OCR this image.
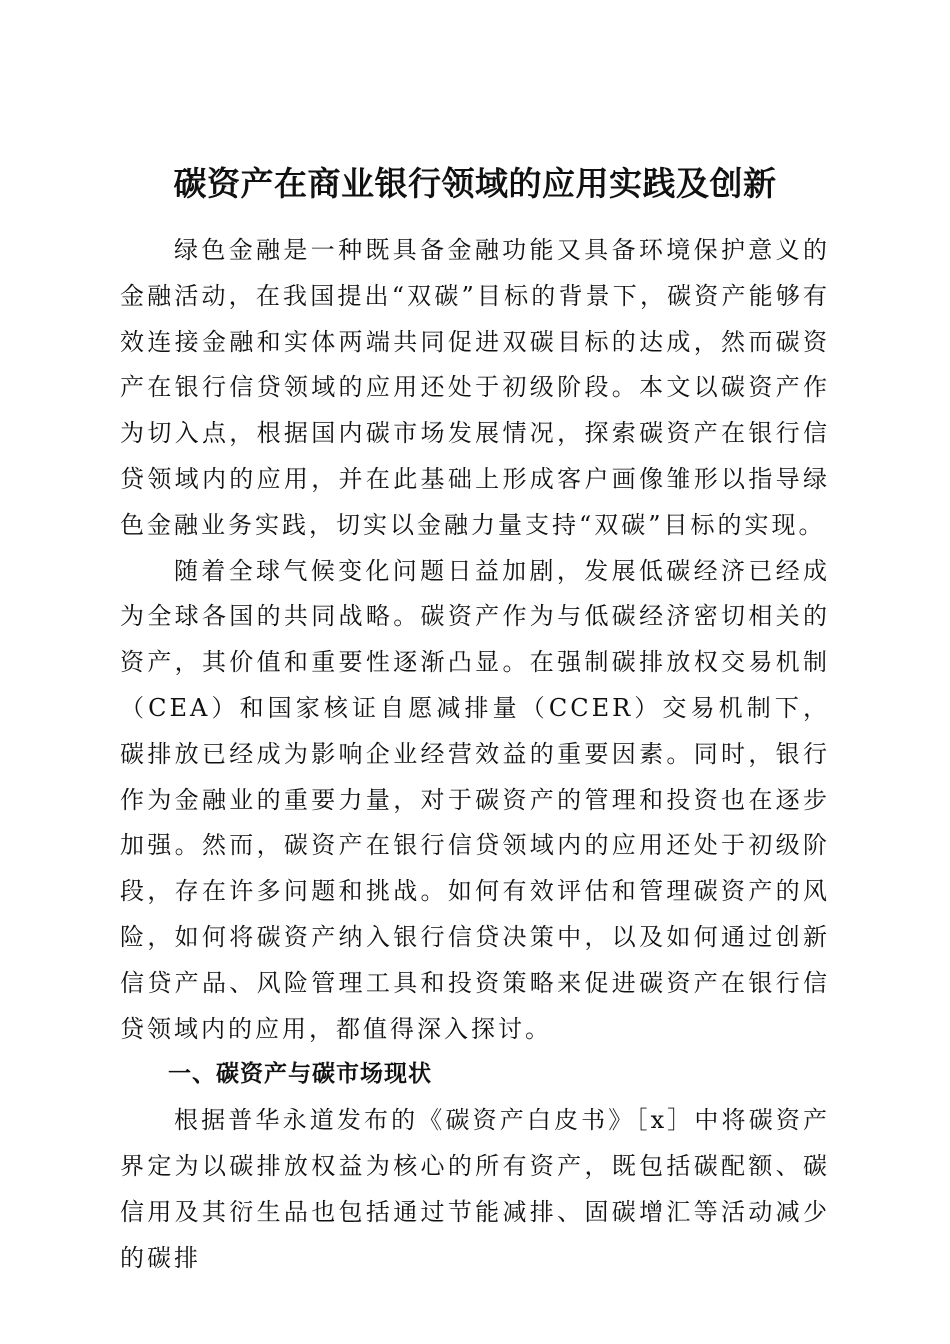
碳资产在商业银行领域的应用实践及创新

绿色金融是一种既具备金融功能又具备环境保护意义的金融活动，在我国提出“双碳”目标的背景下，碳资产能够有效连接金融和实体两端共同促进双碳目标的达成，然而碳资产在银行信贷领域的应用还处于初级阶段。本文以碳资产作为切入点，根据国内碳市场发展情况，探索碳资产在银行信贷领域内的应用，并在此基础上形成客户画像雏形以指导绿色金融业务实践，切实以金融力量支持“双碳”目标的实现。

随着全球气候变化问题日益加剧，发展低碳经济已经成为全球各国的共同战略。碳资产作为与低碳经济密切相关的资产，其价值和重要性逐渐凸显。在强制碳排放权交易机制（CEA）和国家核证自愿减排量（CCER）交易机制下，碳排放已经成为影响企业经营效益的重要因素。同时，银行作为金融业的重要力量，对于碳资产的管理和投资也在逐步加强。然而，碳资产在银行信贷领域内的应用还处于初级阶段，存在许多问题和挑战。如何有效评估和管理碳资产的风险，如何将碳资产纳入银行信贷决策中，以及如何通过创新信贷产品、风险管理工具和投资策略来促进碳资产在银行信贷领域内的应用，都值得深入探讨。

一、碳资产与碳市场现状

根据普华永道发布的《碳资产白皮书》［x］中将碳资产界定为以碳排放权益为核心的所有资产，既包括碳配额、碳信用及其衍生品也包括通过节能减排、固碳增汇等活动减少的碳排
